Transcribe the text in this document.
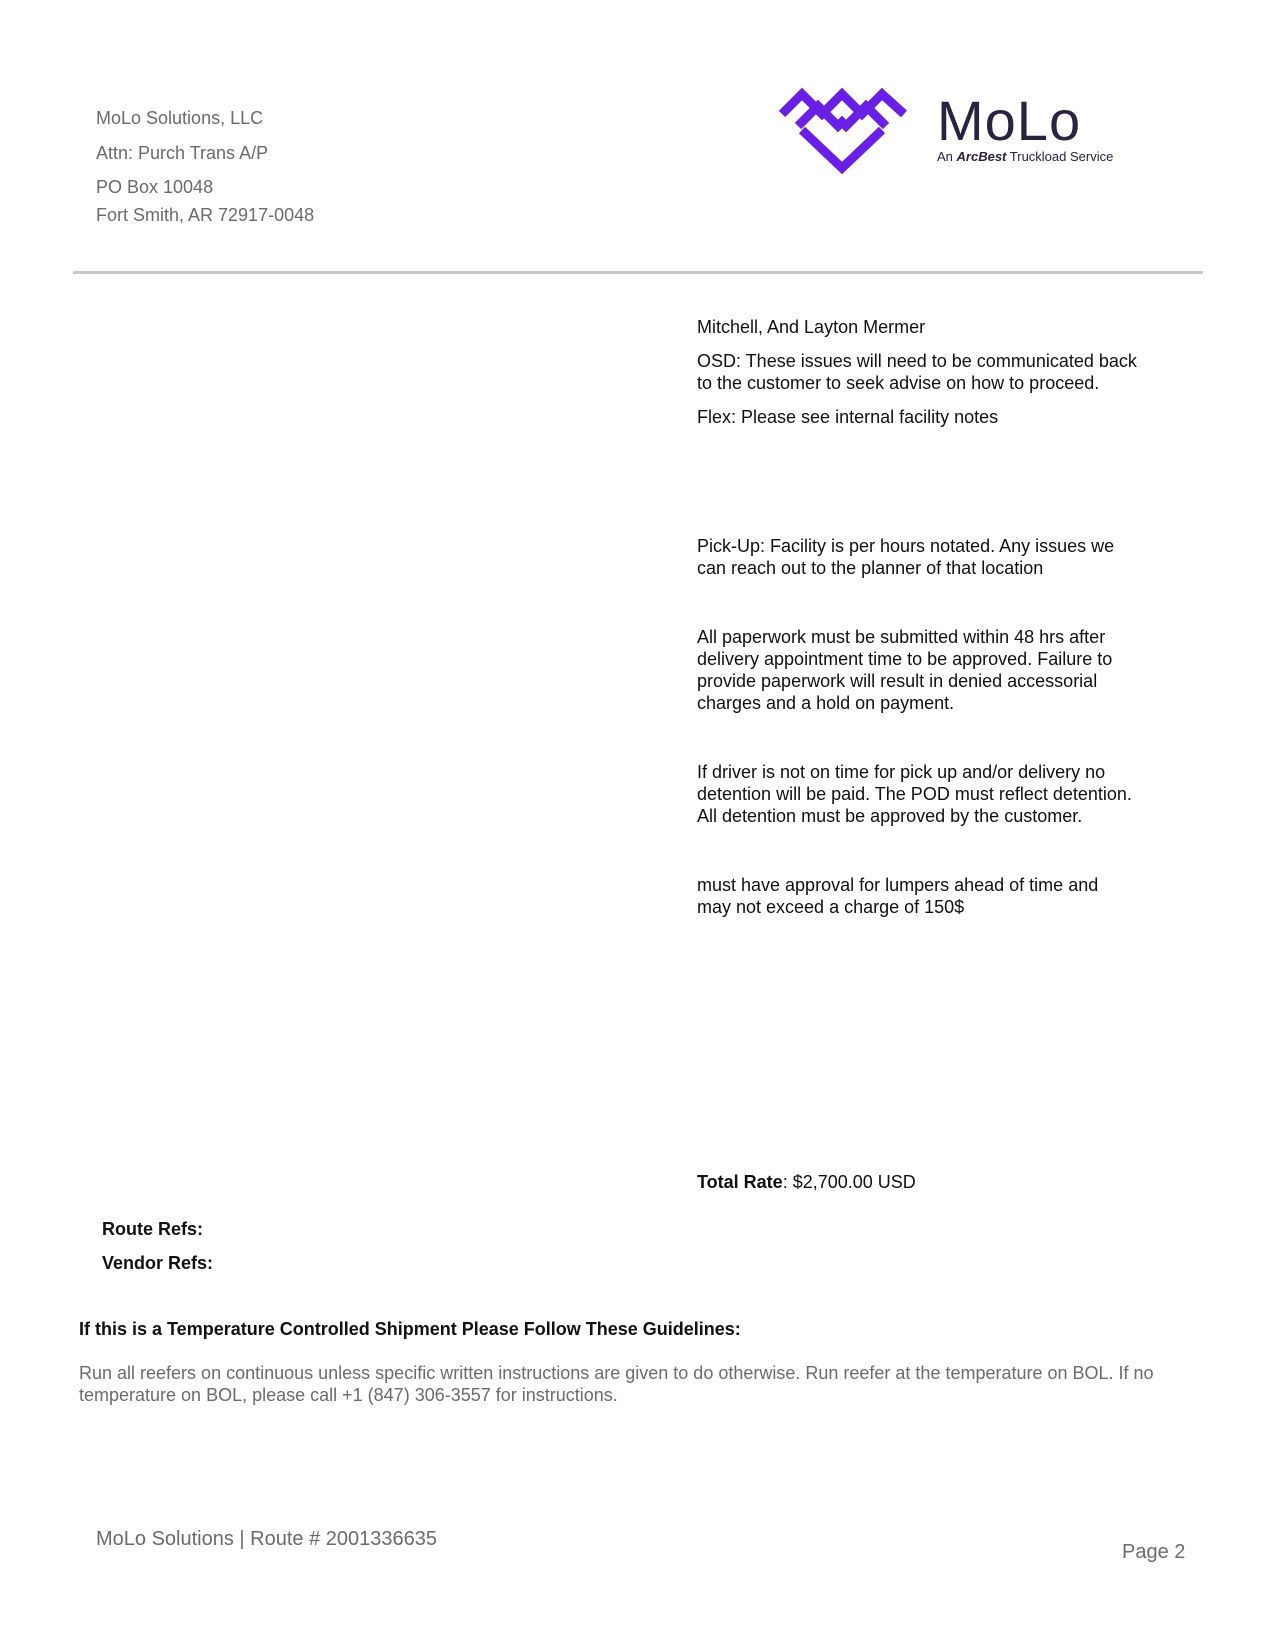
MoLo Solutions, LLC
Attn: Purch Trans A/P
PO Box 10048
Fort Smith, AR 72917-0048
MoLo
An ArcBest Truckload Service

Mitchell, And Layton Mermer

OSD: These issues will need to be communicated back to the customer to seek advise on how to proceed.

Flex: Please see internal facility notes

Pick-Up: Facility is per hours notated. Any issues we can reach out to the planner of that location

All paperwork must be submitted within 48 hrs after delivery appointment time to be approved. Failure to provide paperwork will result in denied accessorial charges and a hold on payment.

If driver is not on time for pick up and/or delivery no detention will be paid. The POD must reflect detention. All detention must be approved by the customer.

must have approval for lumpers ahead of time and may not exceed a charge of 150$

Total Rate: $2,700.00 USD
Route Refs:
Vendor Refs:
If this is a Temperature Controlled Shipment Please Follow These Guidelines:
Run all reefers on continuous unless specific written instructions are given to do otherwise. Run reefer at the temperature on BOL. If no temperature on BOL, please call +1 (847) 306-3557 for instructions.
MoLo Solutions | Route # 2001336635
Page 2
